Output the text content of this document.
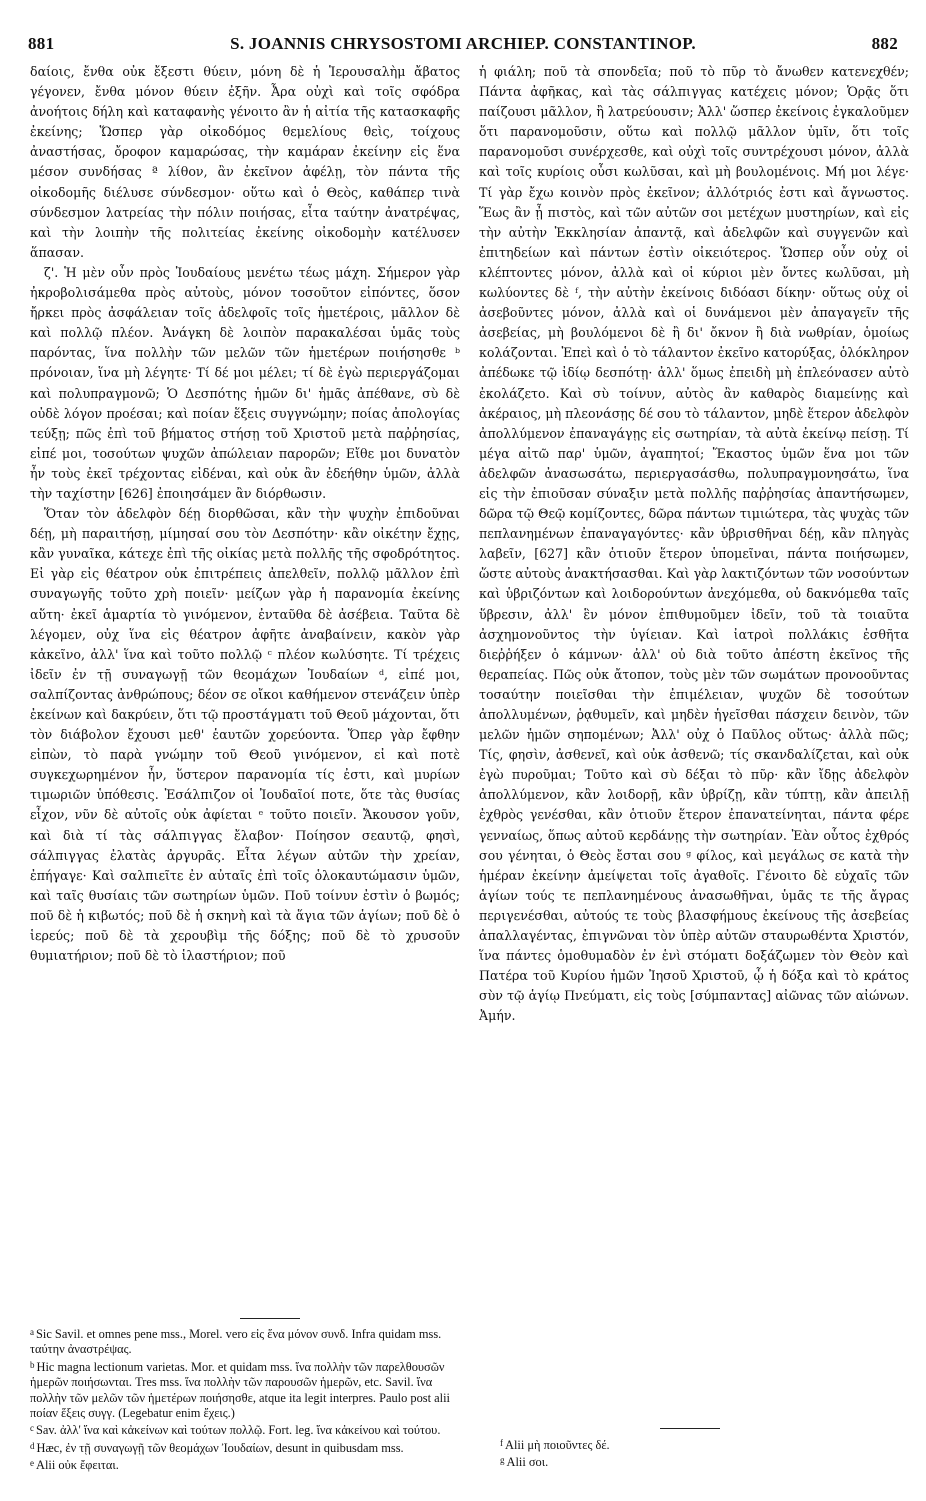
881	S. JOANNIS CHRYSOSTOMI ARCHIEP. CONSTANTINOP.	882

δαίοις, ἔνθα οὐκ ἔξεστι θύειν, μόνη δὲ ἡ Ἱερουσαλὴμ ἄβατος γέγονεν, ἔνθα μόνον θύειν ἐξῆν. Ἆρα οὐχὶ καὶ τοῖς σφόδρα ἀνοήτοις δήλη καὶ καταφανὴς γένοιτο ἂν ἡ αἰτία τῆς κατασκαφῆς ἐκείνης; Ὥσπερ γὰρ οἰκοδόμος θεμελίους θεὶς, τοίχους ἀναστήσας, ὄροφον καμαρώσας, τὴν καμάραν ἐκείνην εἰς ἕνα μέσον συνδήσας ª λίθον, ἂν ἐκεῖνον ἀφέλῃ, τὸν πάντα τῆς οἰκοδομῆς διέλυσε σύνδεσμον· οὕτω καὶ ὁ Θεὸς, καθάπερ τινὰ σύνδεσμον λατρείας τὴν πόλιν ποιήσας, εἶτα ταύτην ἀνατρέψας, καὶ τὴν λοιπὴν τῆς πολιτείας ἐκείνης οἰκοδομὴν κατέλυσεν ἅπασαν.

ζ'. Ἡ μὲν οὖν πρὸς Ἰουδαίους μενέτω τέως μάχη. Σήμερον γὰρ ἠκροβολισάμεθα πρὸς αὐτοὺς, μόνον τοσοῦτον εἰπόντες, ὅσον ἤρκει πρὸς ἀσφάλειαν τοῖς ἀδελφοῖς τοῖς ἡμετέροις, μᾶλλον δὲ καὶ πολλῷ πλέον. Ἀνάγκη δὲ λοιπὸν παρακαλέσαι ὑμᾶς τοὺς παρόντας, ἵνα πολλὴν τῶν μελῶν τῶν ἡμετέρων ποιήσησθε ᵇ πρόνοιαν, ἵνα μὴ λέγητε· Τί δέ μοι μέλει; τί δὲ ἐγὼ περιεργάζομαι καὶ πολυπραγμονῶ; Ὁ Δεσπότης ἡμῶν δι' ἡμᾶς ἀπέθανε, σὺ δὲ οὐδὲ λόγον προέσαι; καὶ ποίαν ἕξεις συγγνώμην; ποίας ἀπολογίας τεύξῃ; πῶς ἐπὶ τοῦ βήματος στήσῃ τοῦ Χριστοῦ μετὰ παῤῥησίας, εἰπέ μοι, τοσούτων ψυχῶν ἀπώλειαν παρορῶν; Εἴθε μοι δυνατὸν ἦν τοὺς ἐκεῖ τρέχοντας εἰδέναι, καὶ οὐκ ἂν ἐδεήθην ὑμῶν, ἀλλὰ τὴν ταχίστην [626] ἐποιησάμεν ἂν διόρθωσιν.

Ὅταν τὸν ἀδελφὸν δέῃ διορθῶσαι, κἂν τὴν ψυχὴν ἐπιδοῦναι δέῃ, μὴ παραιτήσῃ, μίμησαί σου τὸν Δεσπότην· κἂν οἰκέτην ἔχῃς, κἂν γυναῖκα, κάτεχε ἐπὶ τῆς οἰκίας μετὰ πολλῆς τῆς σφοδρότητος. Εἰ γὰρ εἰς θέατρον οὐκ ἐπιτρέπεις ἀπελθεῖν, πολλῷ μᾶλλον ἐπὶ συναγωγῆς τοῦτο χρὴ ποιεῖν· μείζων γὰρ ἡ παρανομία ἐκείνης αὕτη· ἐκεῖ ἁμαρτία τὸ γινόμενον, ἐνταῦθα δὲ ἀσέβεια. Ταῦτα δὲ λέγομεν, οὐχ ἵνα εἰς θέατρον ἀφῆτε ἀναβαίνειν, κακὸν γὰρ κἀκεῖνο, ἀλλ' ἵνα καὶ τοῦτο πολλῷ ᶜ πλέον κωλύσητε. Τί τρέχεις ἰδεῖν ἐν τῇ συναγωγῇ τῶν θεομάχων Ἰουδαίων ᵈ, εἰπέ μοι, σαλπίζοντας ἀνθρώπους; δέον σε οἴκοι καθήμενον στενάζειν ὑπὲρ ἐκείνων καὶ δακρύειν, ὅτι τῷ προστάγματι τοῦ Θεοῦ μάχονται, ὅτι τὸν διάβολον ἔχουσι μεθ' ἑαυτῶν χορεύοντα. Ὅπερ γὰρ ἔφθην εἰπὼν, τὸ παρὰ γνώμην τοῦ Θεοῦ γινόμενον, εἰ καὶ ποτὲ συγκεχωρημένον ἦν, ὕστερον παρανομία τίς ἐστι, καὶ μυρίων τιμωριῶν ὑπόθεσις. Ἐσάλπιζον οἱ Ἰουδαῖοί ποτε, ὅτε τὰς θυσίας εἶχον, νῦν δὲ αὐτοῖς οὐκ ἀφίεται ᵉ τοῦτο ποιεῖν. Ἄκουσον γοῦν, καὶ διὰ τί τὰς σάλπιγγας ἔλαβον· Ποίησον σεαυτῷ, φησὶ, σάλπιγγας ἐλατὰς ἀργυρᾶς. Εἶτα λέγων αὐτῶν τὴν χρείαν, ἐπήγαγε· Καὶ σαλπιεῖτε ἐν αὐταῖς ἐπὶ τοῖς ὁλοκαυτώμασιν ὑμῶν, καὶ ταῖς θυσίαις τῶν σωτηρίων ὑμῶν. Ποῦ τοίνυν ἐστὶν ὁ βωμός; ποῦ δὲ ἡ κιβωτός; ποῦ δὲ ἡ σκηνὴ καὶ τὰ ἅγια τῶν ἁγίων; ποῦ δὲ ὁ ἱερεύς; ποῦ δὲ τὰ χερουβὶμ τῆς δόξης; ποῦ δὲ τὸ χρυσοῦν θυμιατήριον; ποῦ δὲ τὸ ἱλαστήριον; ποῦ

ἡ φιάλη; ποῦ τὰ σπονδεῖα; ποῦ τὸ πῦρ τὸ ἄνωθεν κατενεχθέν; Πάντα ἀφῆκας, καὶ τὰς σάλπιγγας κατέχεις μόνον; Ὁρᾷς ὅτι παίζουσι μᾶλλον, ἢ λατρεύουσιν; Ἀλλ' ὥσπερ ἐκείνοις ἐγκαλοῦμεν ὅτι παρανομοῦσιν, οὕτω καὶ πολλῷ μᾶλλον ὑμῖν, ὅτι τοῖς παρανομοῦσι συνέρχεσθε, καὶ οὐχὶ τοῖς συντρέχουσι μόνον, ἀλλὰ καὶ τοῖς κυρίοις οὖσι κωλῦσαι, καὶ μὴ βουλομένοις. Μή μοι λέγε· Τί γὰρ ἔχω κοινὸν πρὸς ἐκεῖνον; ἀλλότριός ἐστι καὶ ἄγνωστος. Ἕως ἂν ᾖ πιστὸς, καὶ τῶν αὐτῶν σοι μετέχων μυστηρίων, καὶ εἰς τὴν αὐτὴν Ἐκκλησίαν ἀπαντᾷ, καὶ ἀδελφῶν καὶ συγγενῶν καὶ ἐπιτηδείων καὶ πάντων ἐστὶν οἰκειότερος. Ὥσπερ οὖν οὐχ οἱ κλέπτοντες μόνον, ἀλλὰ καὶ οἱ κύριοι μὲν ὄντες κωλῦσαι, μὴ κωλύοντες δὲ ᶠ, τὴν αὐτὴν ἐκείνοις διδόασι δίκην· οὕτως οὐχ οἱ ἀσεβοῦντες μόνον, ἀλλὰ καὶ οἱ δυνάμενοι μὲν ἀπαγαγεῖν τῆς ἀσεβείας, μὴ βουλόμενοι δὲ ἢ δι' ὄκνον ἢ διὰ νωθρίαν, ὁμοίως κολάζονται. Ἐπεὶ καὶ ὁ τὸ τάλαντον ἐκεῖνο κατορύξας, ὁλόκληρον ἀπέδωκε τῷ ἰδίῳ δεσπότῃ· ἀλλ' ὅμως ἐπειδὴ μὴ ἐπλεόνασεν αὐτὸ ἐκολάζετο. Καὶ σὺ τοίνυν, αὐτὸς ἂν καθαρὸς διαμείνῃς καὶ ἀκέραιος, μὴ πλεονάσῃς δέ σου τὸ τάλαντον, μηδὲ ἕτερον ἀδελφὸν ἀπολλύμενον ἐπαναγάγῃς εἰς σωτηρίαν, τὰ αὐτὰ ἐκείνῳ πείσῃ. Τί μέγα αἰτῶ παρ' ὑμῶν, ἀγαπητοί; Ἕκαστος ὑμῶν ἕνα μοι τῶν ἀδελφῶν ἀνασωσάτω, περιεργασάσθω, πολυπραγμονησάτω, ἵνα εἰς τὴν ἐπιοῦσαν σύναξιν μετὰ πολλῆς παῤῥησίας ἀπαντήσωμεν, δῶρα τῷ Θεῷ κομίζοντες, δῶρα πάντων τιμιώτερα, τὰς ψυχὰς τῶν πεπλανημένων ἐπαναγαγόντες· κἂν ὑβρισθῆναι δέῃ, κἂν πληγὰς λαβεῖν, [627] κἂν ὁτιοῦν ἕτερον ὑπομεῖναι, πάντα ποιήσωμεν, ὥστε αὐτοὺς ἀνακτήσασθαι. Καὶ γὰρ λακτιζόντων τῶν νοσούντων καὶ ὑβριζόντων καὶ λοιδορούντων ἀνεχόμεθα, οὐ δακνόμεθα ταῖς ὕβρεσιν, ἀλλ' ἓν μόνον ἐπιθυμοῦμεν ἰδεῖν, τοῦ τὰ τοιαῦτα ἀσχημονοῦντος τὴν ὑγίειαν. Καὶ ἰατροὶ πολλάκις ἐσθῆτα διεῤῥήξεν ὁ κάμνων· ἀλλ' οὐ διὰ τοῦτο ἀπέστη ἐκεῖνος τῆς θεραπείας. Πῶς οὐκ ἄτοπον, τοὺς μὲν τῶν σωμάτων προνοοῦντας τοσαύτην ποιεῖσθαι τὴν ἐπιμέλειαν, ψυχῶν δὲ τοσούτων ἀπολλυμένων, ῥᾳθυμεῖν, καὶ μηδὲν ἡγεῖσθαι πάσχειν δεινὸν, τῶν μελῶν ἡμῶν σηπομένων; Ἀλλ' οὐχ ὁ Παῦλος οὕτως· ἀλλὰ πῶς; Τίς, φησὶν, ἀσθενεῖ, καὶ οὐκ ἀσθενῶ; τίς σκανδαλίζεται, καὶ οὐκ ἐγὼ πυροῦμαι; Τοῦτο καὶ σὺ δέξαι τὸ πῦρ· κἂν ἴδῃς ἀδελφὸν ἀπολλύμενον, κἂν λοιδορῇ, κἂν ὑβρίζῃ, κἂν τύπτῃ, κἂν ἀπειλῇ ἐχθρὸς γενέσθαι, κἂν ὁτιοῦν ἕτερον ἐπανατείνηται, πάντα φέρε γενναίως, ὅπως αὐτοῦ κερδάνῃς τὴν σωτηρίαν. Ἐὰν οὗτος ἐχθρός σου γένηται, ὁ Θεὸς ἔσται σου ᵍ φίλος, καὶ μεγάλως σε κατὰ τὴν ἡμέραν ἐκείνην ἀμείψεται τοῖς ἀγαθοῖς. Γένοιτο δὲ εὐχαῖς τῶν ἁγίων τούς τε πεπλανημένους ἀνασωθῆναι, ὑμᾶς τε τῆς ἄγρας περιγενέσθαι, αὐτούς τε τοὺς βλασφήμους ἐκείνους τῆς ἀσεβείας ἀπαλλαγέντας, ἐπιγνῶναι τὸν ὑπὲρ αὐτῶν σταυρωθέντα Χριστόν, ἵνα πάντες ὁμοθυμαδὸν ἐν ἑνὶ στόματι δοξάζωμεν τὸν Θεὸν καὶ Πατέρα τοῦ Κυρίου ἡμῶν Ἰησοῦ Χριστοῦ, ᾧ ἡ δόξα καὶ τὸ κράτος σὺν τῷ ἁγίῳ Πνεύματι, εἰς τοὺς [σύμπαντας] αἰῶνας τῶν αἰώνων. Ἀμήν.

$^a$ Sic Savil. et omnes pene mss., Morel. vero εἰς ἕνα μόνον συνδ. Infra quidam mss. ταύτην ἀναστρέψας.
$^b$ Hic magna lectionum varietas. Mor. et quidam mss. ἵνα πολλὴν τῶν παρελθουσῶν ἡμερῶν ποιήσωνται. Tres mss. ἵνα πολλὴν τῶν παρουσῶν ἡμερῶν, etc. Savil. ἵνα πολλὴν τῶν μελῶν τῶν ἡμετέρων ποιήσησθε, atque ita legit interpres. Paulo post alii ποίαν ἕξεις συγγ. (Legebatur enim ἔχεις.)
$^c$ Sav. ἀλλ' ἵνα καὶ κἀκείνων καὶ τούτων πολλῷ. Fort. leg. ἵνα κἀκείνου καὶ τούτου.
$^d$ Hæc, ἐν τῇ συναγωγῇ τῶν θεομάχων Ἰουδαίων, desunt in quibusdam mss.
$^e$ Alii οὐκ ἔφειται.
$^f$ Alii μὴ ποιοῦντες δέ.
$^g$ Alii σοι.
